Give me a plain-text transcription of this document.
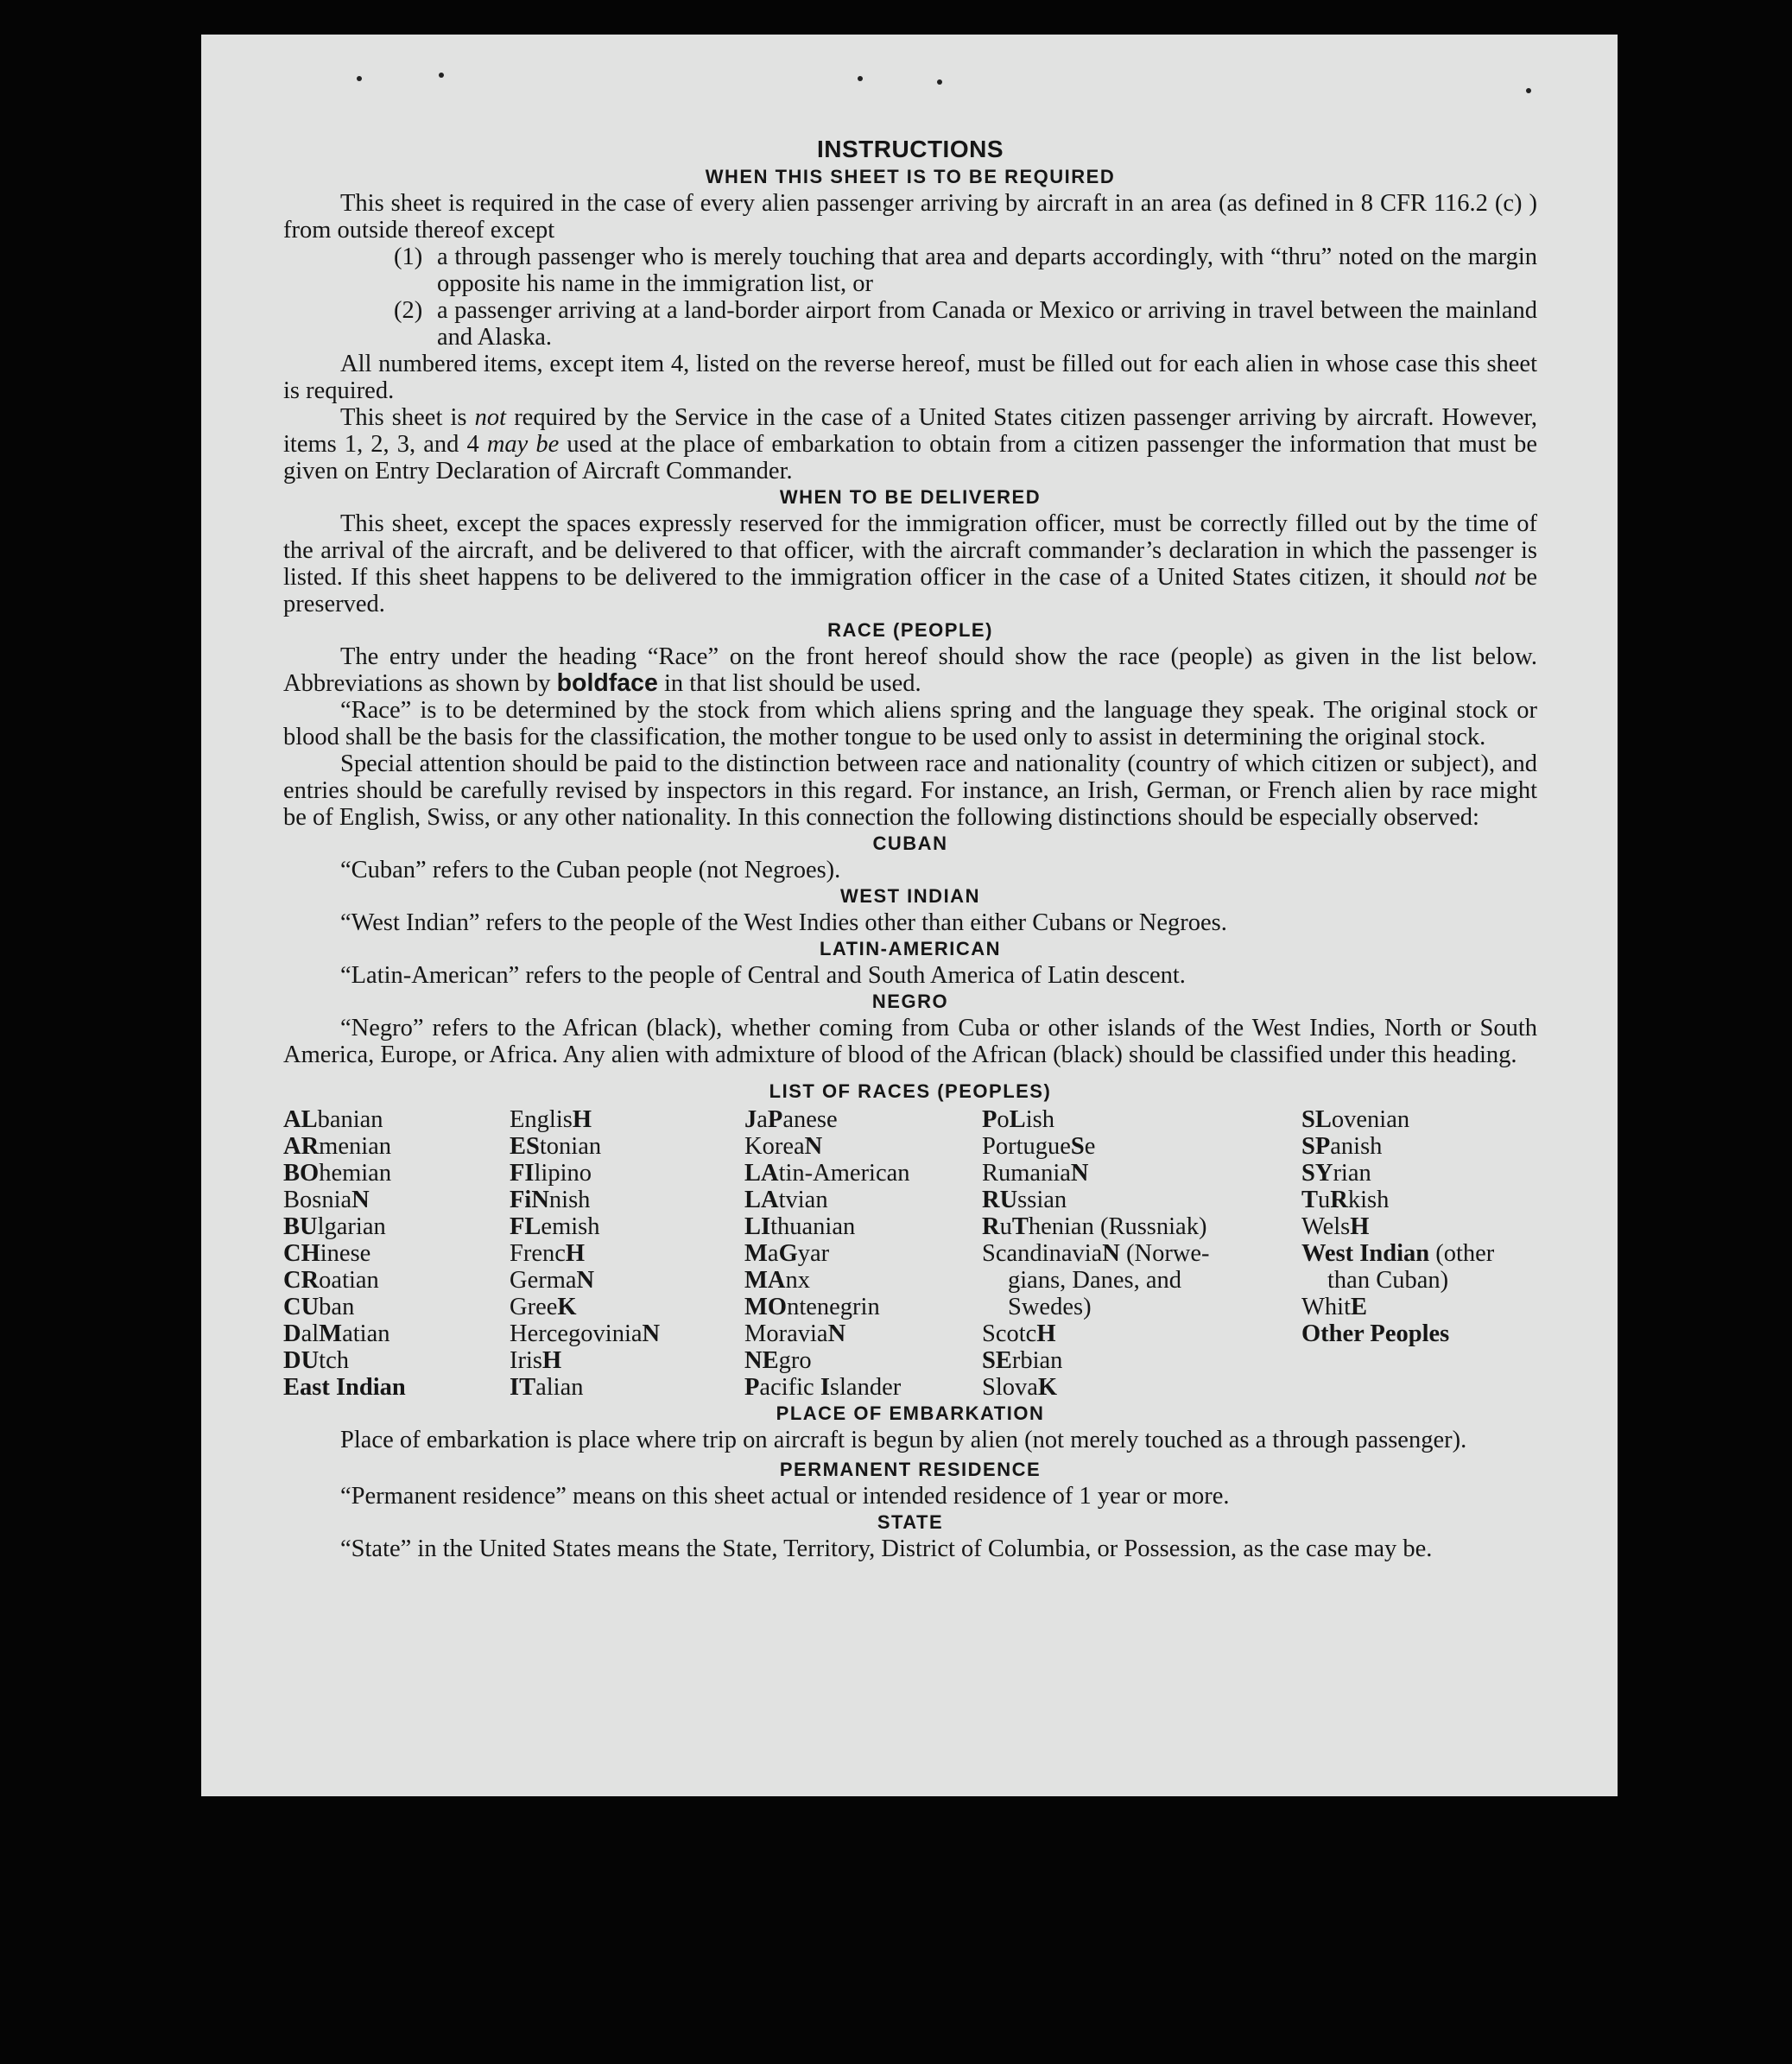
INSTRUCTIONS
WHEN THIS SHEET IS TO BE REQUIRED

This sheet is required in the case of every alien passenger arriving by aircraft in an area (as defined in 8 CFR 116.2 (c) ) from outside thereof except

(1) a through passenger who is merely touching that area and departs accordingly, with “thru” noted on the margin opposite his name in the immigration list, or
(2) a passenger arriving at a land-border airport from Canada or Mexico or arriving in travel between the mainland and Alaska.

All numbered items, except item 4, listed on the reverse hereof, must be filled out for each alien in whose case this sheet is required.

This sheet is not required by the Service in the case of a United States citizen passenger arriving by aircraft. However, items 1, 2, 3, and 4 may be used at the place of embarkation to obtain from a citizen passenger the information that must be given on Entry Declaration of Aircraft Commander.

WHEN TO BE DELIVERED

This sheet, except the spaces expressly reserved for the immigration officer, must be correctly filled out by the time of the arrival of the aircraft, and be delivered to that officer, with the aircraft commander’s declaration in which the passenger is listed. If this sheet happens to be delivered to the immigration officer in the case of a United States citizen, it should not be preserved.

RACE (PEOPLE)

The entry under the heading “Race” on the front hereof should show the race (people) as given in the list below. Abbreviations as shown by boldface in that list should be used.

“Race” is to be determined by the stock from which aliens spring and the language they speak. The original stock or blood shall be the basis for the classification, the mother tongue to be used only to assist in determining the original stock.

Special attention should be paid to the distinction between race and nationality (country of which citizen or subject), and entries should be carefully revised by inspectors in this regard. For instance, an Irish, German, or French alien by race might be of English, Swiss, or any other nationality. In this connection the following distinctions should be especially observed:

CUBAN
“Cuban” refers to the Cuban people (not Negroes).
WEST INDIAN
“West Indian” refers to the people of the West Indies other than either Cubans or Negroes.
LATIN-AMERICAN
“Latin-American” refers to the people of Central and South America of Latin descent.
NEGRO

“Negro” refers to the African (black), whether coming from Cuba or other islands of the West Indies, North or South America, Europe, or Africa. Any alien with admixture of blood of the African (black) should be classified under this heading.

LIST OF RACES (PEOPLES)
ALbanian
ARmenian
BOhemian
BosniaN
BUlgarian
CHinese
CRoatian
CUban
DalMatian
DUtch
East Indian
EnglisH
EStonian
FIlipino
FiNnish
FLemish
FrencH
GermaN
GreeK
HercegoviniaN
IrisH
ITalian
JaPanese
KoreaN
LAtin-American
LAtvian
LIthuanian
MaGyar
MAnx
MOntenegrin
MoraviaN
NEgro
Pacific Islander
PoLish
PortugueSe
RumaniaN
RUssian
RuThenian (Russniak)
ScandinaviaN (Norwe-
gians, Danes, and
Swedes)
ScotcH
SErbian
SlovaK
SLovenian
SPanish
SYrian
TuRkish
WelsH
West Indian (other
than Cuban)
WhitE
Other Peoples
PLACE OF EMBARKATION

Place of embarkation is place where trip on aircraft is begun by alien (not merely touched as a through passenger).

PERMANENT RESIDENCE

“Permanent residence” means on this sheet actual or intended residence of 1 year or more.

STATE

“State” in the United States means the State, Territory, District of Columbia, or Possession, as the case may be.
